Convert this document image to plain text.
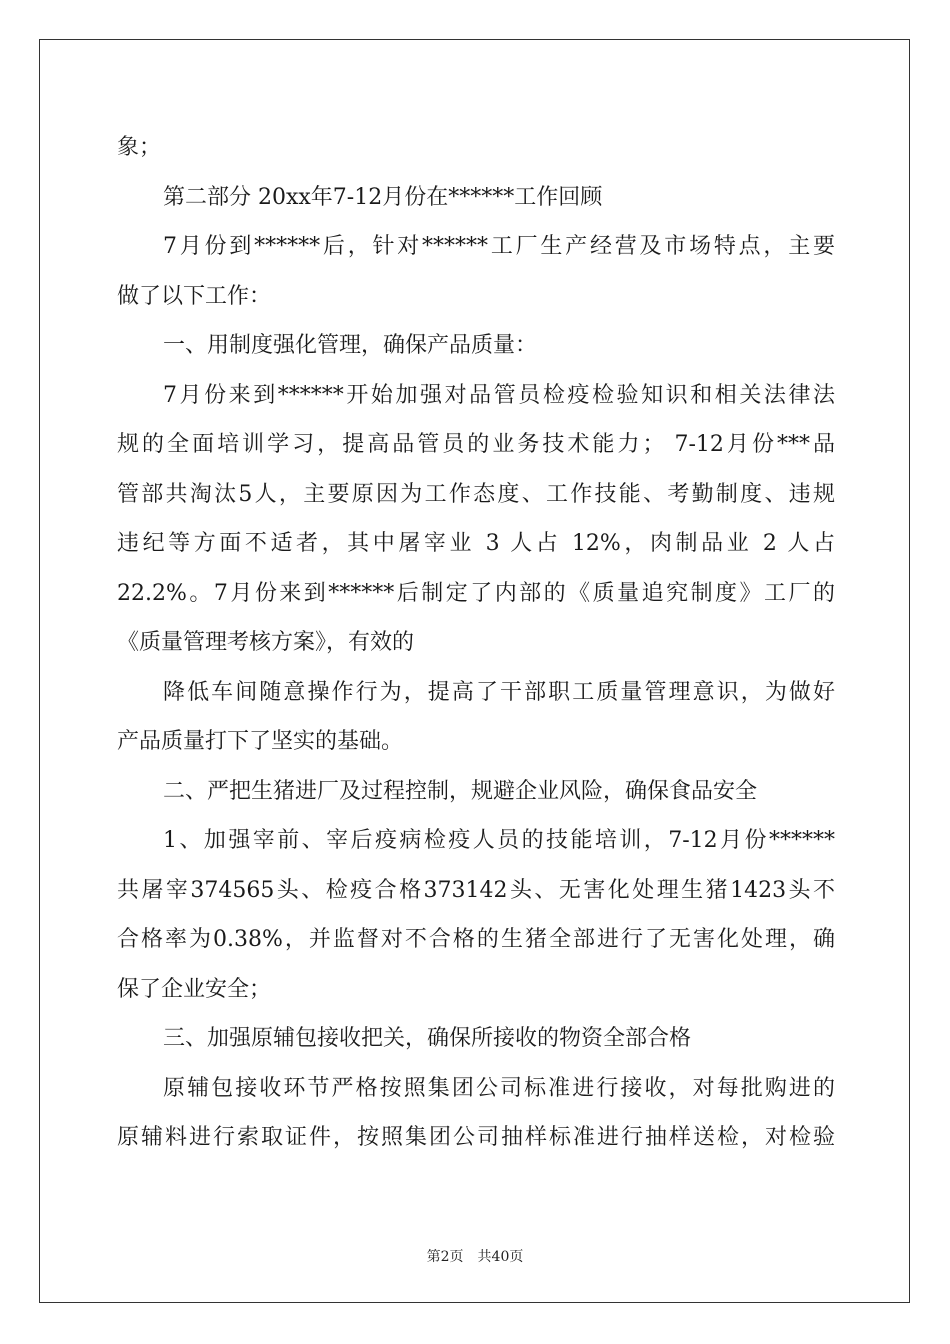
象；
第二部分 20xx年7-12月份在******工作回顾
7月份到******后，针对******工厂生产经营及市场特点，主要
做了以下工作：
一、用制度强化管理，确保产品质量：
7月份来到******开始加强对品管员检疫检验知识和相关法律法
规的全面培训学习，提高品管员的业务技术能力； 7-12月份***品
管部共淘汰5人，主要原因为工作态度、工作技能、考勤制度、违规
违纪等方面不适者，其中屠宰业 3 人占 12%，肉制品业 2 人占
22.2%。7月份来到******后制定了内部的《质量追究制度》工厂的
《质量管理考核方案》，有效的
降低车间随意操作行为，提高了干部职工质量管理意识，为做好
产品质量打下了坚实的基础。
二、严把生猪进厂及过程控制，规避企业风险，确保食品安全
1、加强宰前、宰后疫病检疫人员的技能培训，7-12月份******
共屠宰374565头、检疫合格373142头、无害化处理生猪1423头不
合格率为0.38%，并监督对不合格的生猪全部进行了无害化处理，确
保了企业安全；
三、加强原辅包接收把关，确保所接收的物资全部合格
原辅包接收环节严格按照集团公司标准进行接收，对每批购进的
原辅料进行索取证件，按照集团公司抽样标准进行抽样送检，对检验
第2页 共40页
